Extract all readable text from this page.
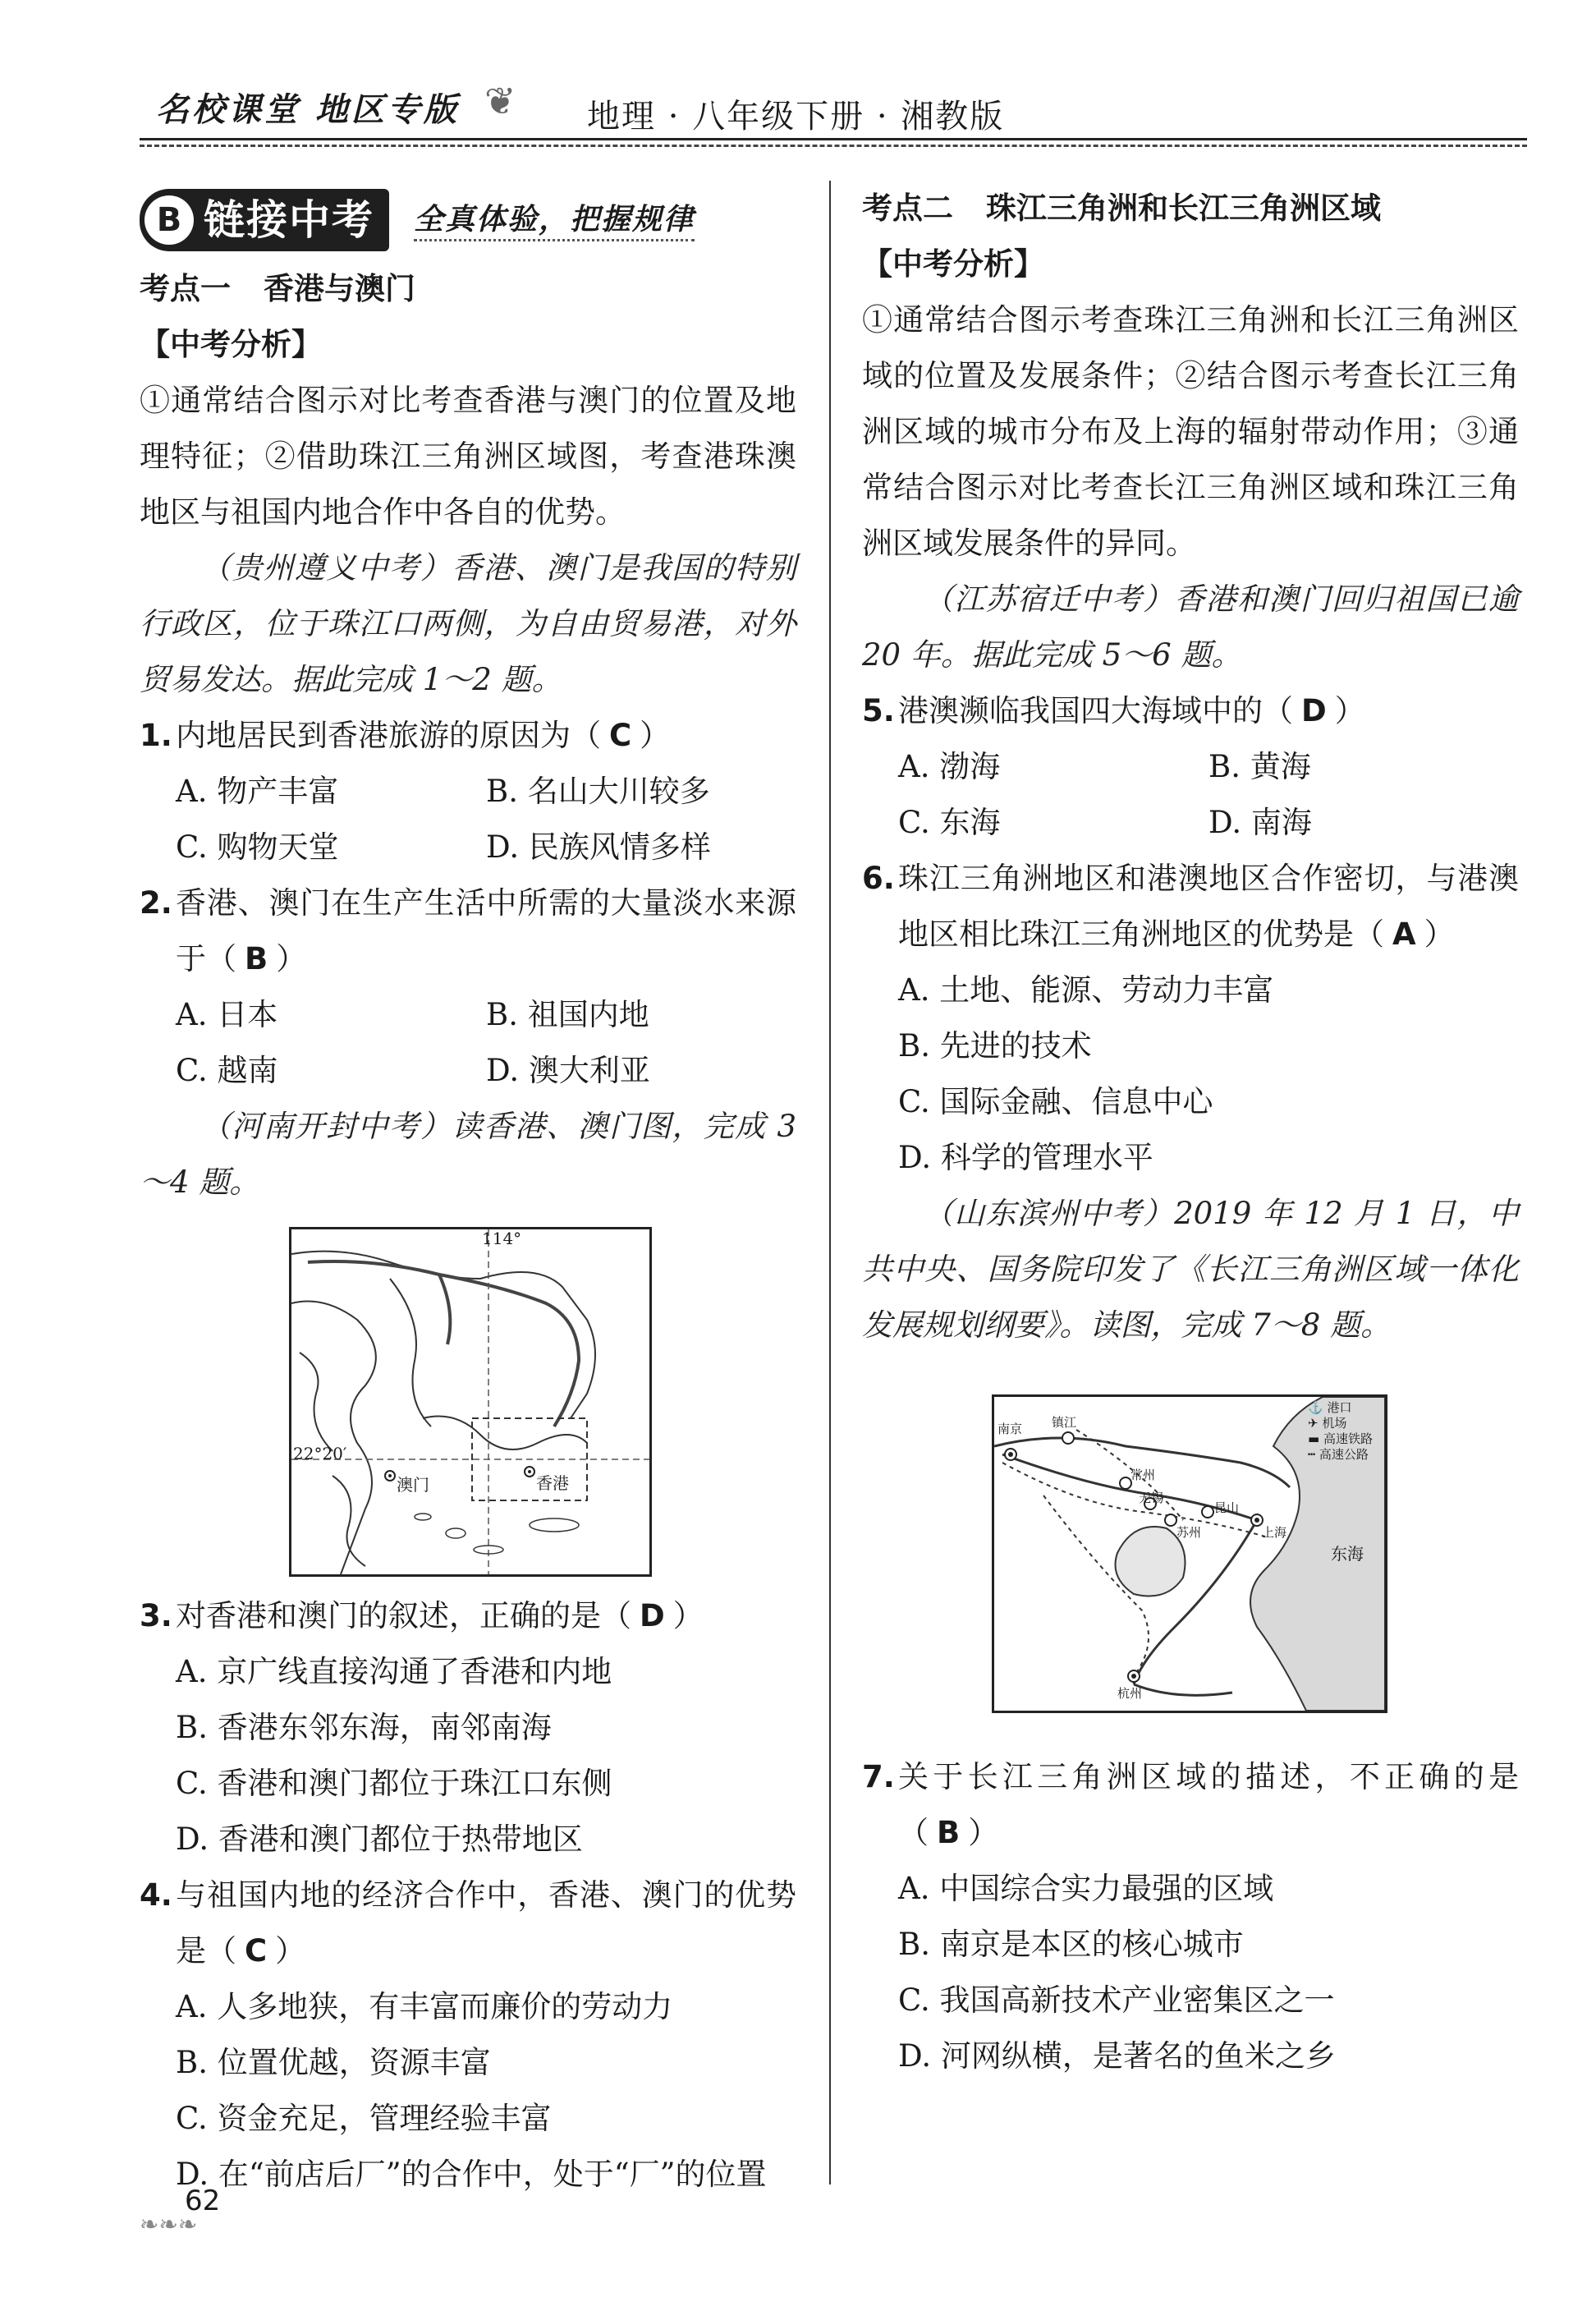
名校课堂 地区专版 ❦ 地理 · 八年级下册 · 湘教版
B 链接中考 全真体验，把握规律
考点一 香港与澳门
【中考分析】
①通常结合图示对比考查香港与澳门的位置及地理特征；②借助珠江三角洲区域图，考查港珠澳地区与祖国内地合作中各自的优势。
（贵州遵义中考）香港、澳门是我国的特别行政区，位于珠江口两侧，为自由贸易港，对外贸易发达。据此完成 1～2 题。
1. 内地居民到香港旅游的原因为（ C ）
A. 物产丰富	B. 名山大川较多
C. 购物天堂	D. 民族风情多样
2. 香港、澳门在生产生活中所需的大量淡水来源于（ B ）
A. 日本	B. 祖国内地
C. 越南	D. 澳大利亚
（河南开封中考）读香港、澳门图，完成 3～4 题。
114°
22°20′
澳门	香港
3. 对香港和澳门的叙述，正确的是（ D ）
A. 京广线直接沟通了香港和内地
B. 香港东邻东海，南邻南海
C. 香港和澳门都位于珠江口东侧
D. 香港和澳门都位于热带地区
4. 与祖国内地的经济合作中，香港、澳门的优势是（ C ）
A. 人多地狭，有丰富而廉价的劳动力
B. 位置优越，资源丰富
C. 资金充足，管理经验丰富
D. 在“前店后厂”的合作中，处于“厂”的位置
考点二 珠江三角洲和长江三角洲区域
【中考分析】
①通常结合图示考查珠江三角洲和长江三角洲区域的位置及发展条件；②结合图示考查长江三角洲区域的城市分布及上海的辐射带动作用；③通常结合图示对比考查长江三角洲区域和珠江三角洲区域发展条件的异同。
（江苏宿迁中考）香港和澳门回归祖国已逾 20 年。据此完成 5～6 题。
5. 港澳濒临我国四大海域中的（ D ）
A. 渤海	B. 黄海
C. 东海	D. 南海
6. 珠江三角洲地区和港澳地区合作密切，与港澳地区相比珠江三角洲地区的优势是（ A ）
A. 土地、能源、劳动力丰富
B. 先进的技术
C. 国际金融、信息中心
D. 科学的管理水平
（山东滨州中考）2019 年 12 月 1 日，中共中央、国务院印发了《长江三角洲区域一体化发展规划纲要》。读图，完成 7～8 题。
⚓ 港口
✈ 机场
▬ 高速铁路
┅ 高速公路
南京 镇江
常州
无锡
苏州
昆山
上海
杭州
东海
7. 关于长江三角洲区域的描述，不正确的是（ B ）
A. 中国综合实力最强的区域
B. 南京是本区的核心城市
C. 我国高新技术产业密集区之一
D. 河网纵横，是著名的鱼米之乡
62
❧❧❧
